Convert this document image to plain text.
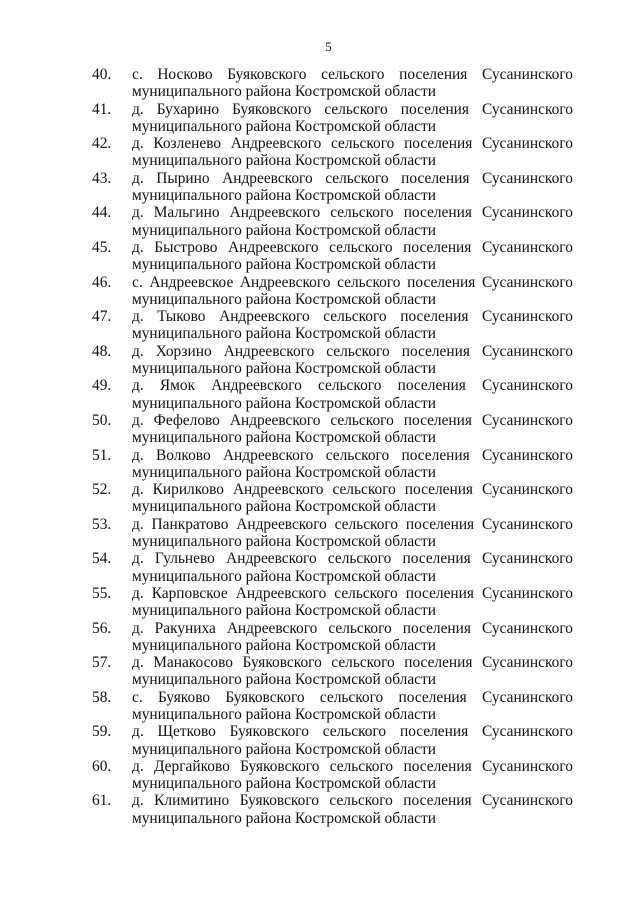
5
40.	с. Носково Буяковского сельского поселения Сусанинского
муниципального района Костромской области
41.	д. Бухарино Буяковского сельского поселения Сусанинского
муниципального района Костромской области
42.	д. Козленево Андреевского сельского поселения Сусанинского
муниципального района Костромской области
43.	д. Пырино Андреевского сельского поселения Сусанинского
муниципального района Костромской области
44.	д. Мальгино Андреевского сельского поселения Сусанинского
муниципального района Костромской области
45.	д. Быстрово Андреевского сельского поселения Сусанинского
муниципального района Костромской области
46.	с. Андреевское Андреевского сельского поселения Сусанинского
муниципального района Костромской области
47.	д. Тыково Андреевского сельского поселения Сусанинского
муниципального района Костромской области
48.	д. Хорзино Андреевского сельского поселения Сусанинского
муниципального района Костромской области
49.	д. Ямок Андреевского сельского поселения Сусанинского
муниципального района Костромской области
50.	д. Фефелово Андреевского сельского поселения Сусанинского
муниципального района Костромской области
51.	д. Волково Андреевского сельского поселения Сусанинского
муниципального района Костромской области
52.	д. Кирилково Андреевского сельского поселения Сусанинского
муниципального района Костромской области
53.	д. Панкратово Андреевского сельского поселения Сусанинского
муниципального района Костромской области
54.	д. Гульнево Андреевского сельского поселения Сусанинского
муниципального района Костромской области
55.	д. Карповское Андреевского сельского поселения Сусанинского
муниципального района Костромской области
56.	д. Ракуниха Андреевского сельского поселения Сусанинского
муниципального района Костромской области
57.	д. Манакосово Буяковского сельского поселения Сусанинского
муниципального района Костромской области
58.	с. Буяково Буяковского сельского поселения Сусанинского
муниципального района Костромской области
59.	д. Щетково Буяковского сельского поселения Сусанинского
муниципального района Костромской области
60.	д. Дергайково Буяковского сельского поселения Сусанинского
муниципального района Костромской области
61.	д. Климитино Буяковского сельского поселения Сусанинского
муниципального района Костромской области
